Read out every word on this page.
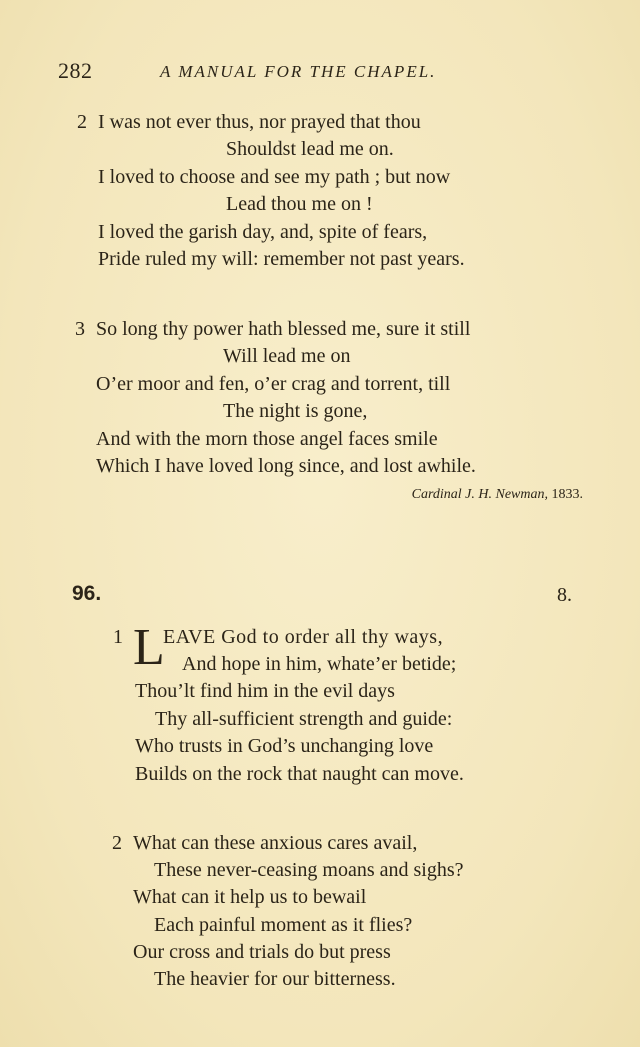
282	A MANUAL FOR THE CHAPEL.
2 I was not ever thus, nor prayed that thou
Shouldst lead me on.
I loved to choose and see my path ; but now
Lead thou me on !
I loved the garish day, and, spite of fears,
Pride ruled my will: remember not past years.
3 So long thy power hath blessed me, sure it still
Will lead me on
O’er moor and fen, o’er crag and torrent, till
The night is gone,
And with the morn those angel faces smile
Which I have loved long since, and lost awhile.
Cardinal J. H. Newman, 1833.
96.	8.
1 L
EAVE God to order all thy ways,
And hope in him, whate’er betide;
Thou’lt find him in the evil days
Thy all-sufficient strength and guide:
Who trusts in God’s unchanging love
Builds on the rock that naught can move.
2 What can these anxious cares avail,
These never-ceasing moans and sighs?
What can it help us to bewail
Each painful moment as it flies?
Our cross and trials do but press
The heavier for our bitterness.
